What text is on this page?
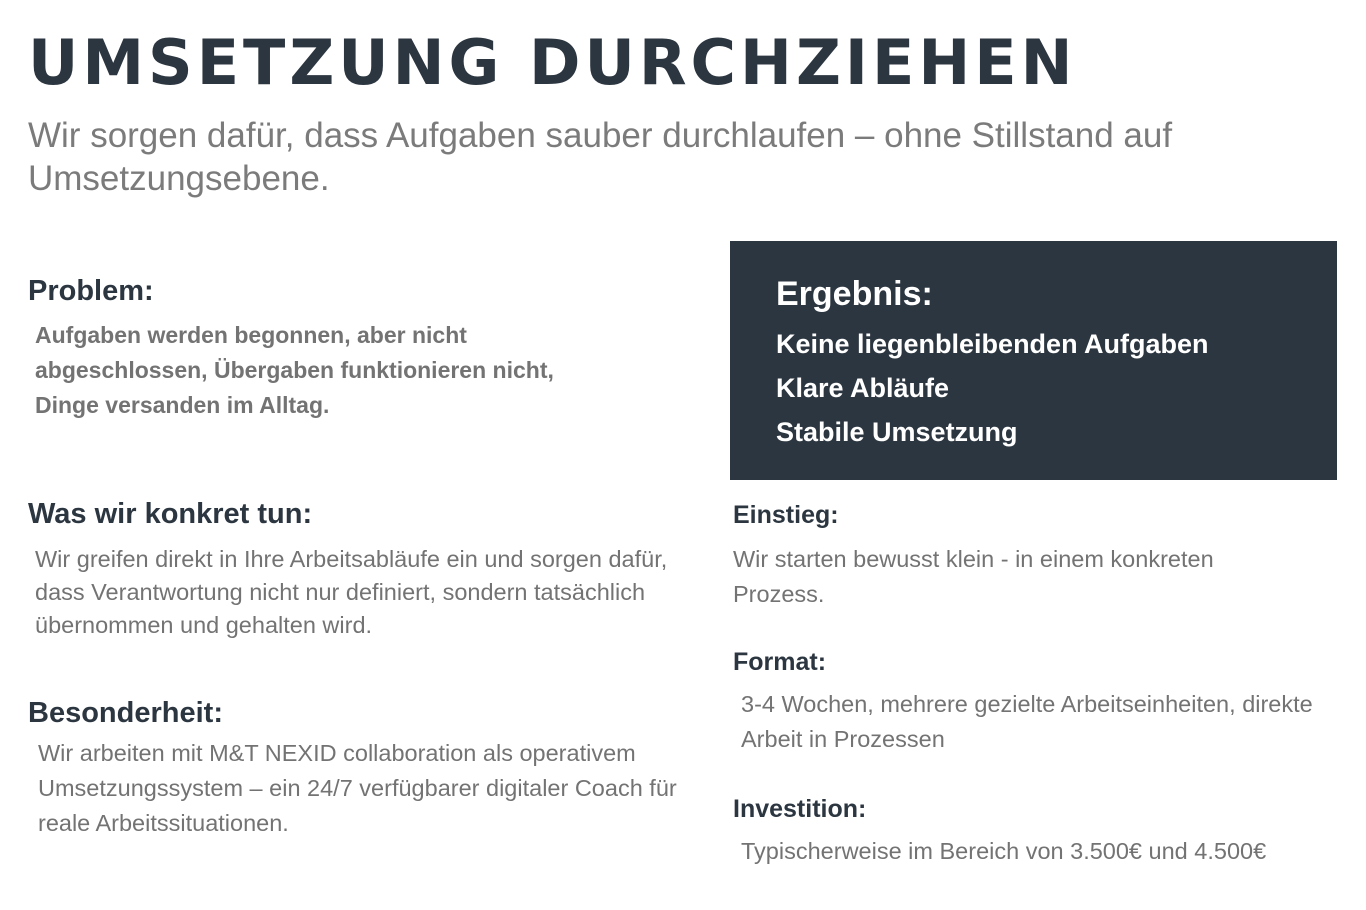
UMSETZUNG DURCHZIEHEN

Wir sorgen dafür, dass Aufgaben sauber durchlaufen – ohne Stillstand auf Umsetzungsebene.

Problem:

Aufgaben werden begonnen, aber nicht abgeschlossen, Übergaben funktionieren nicht, Dinge versanden im Alltag.

Was wir konkret tun:

Wir greifen direkt in Ihre Arbeitsabläufe ein und sorgen dafür, dass Verantwortung nicht nur definiert, sondern tatsächlich übernommen und gehalten wird.

Besonderheit:

Wir arbeiten mit M&T NEXID collaboration als operativem Umsetzungssystem – ein 24/7 verfügbarer digitaler Coach für reale Arbeitssituationen.

Ergebnis:
Keine liegenbleibenden Aufgaben
Klare Abläufe
Stabile Umsetzung
Einstieg:

Wir starten bewusst klein - in einem konkreten Prozess.

Format:

3-4 Wochen, mehrere gezielte Arbeitseinheiten, direkte Arbeit in Prozessen

Investition:

Typischerweise im Bereich von 3.500€ und 4.500€
